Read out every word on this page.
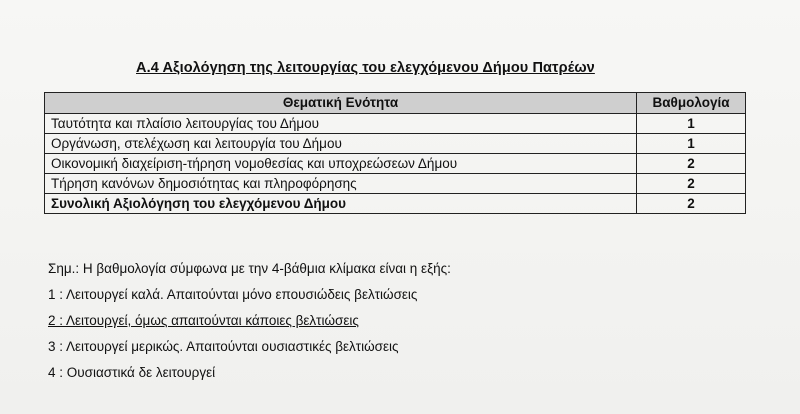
Α.4 Αξιολόγηση της λειτουργίας του ελεγχόμενου Δήμου Πατρέων
Θεματική Ενότητα	Βαθμολογία
Ταυτότητα και πλαίσιο λειτουργίας του Δήμου	1
Οργάνωση, στελέχωση και λειτουργία του Δήμου	1
Οικονομική διαχείριση-τήρηση νομοθεσίας και υποχρεώσεων Δήμου	2
Τήρηση κανόνων δημοσιότητας και πληροφόρησης	2
Συνολική Αξιολόγηση του ελεγχόμενου Δήμου	2

Σημ.: Η βαθμολογία σύμφωνα με την 4-βάθμια κλίμακα είναι η εξής:

1 : Λειτουργεί καλά. Απαιτούνται μόνο επουσιώδεις βελτιώσεις

2 : Λειτουργεί, όμως απαιτούνται κάποιες βελτιώσεις

3 : Λειτουργεί μερικώς. Απαιτούνται ουσιαστικές βελτιώσεις

4 : Ουσιαστικά δε λειτουργεί
